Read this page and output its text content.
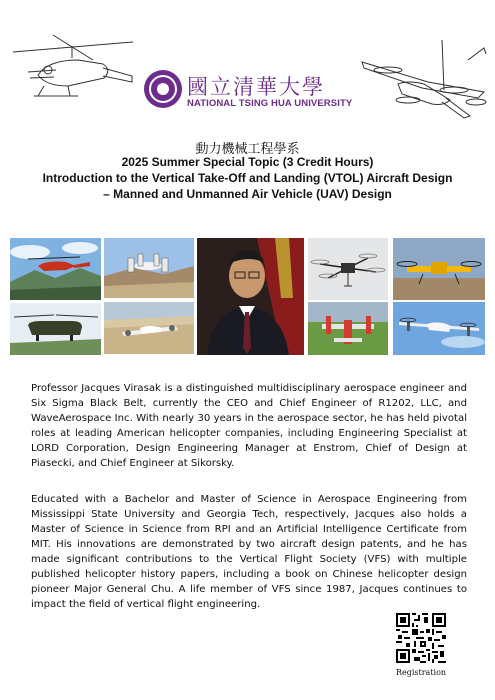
國立清華大學
NATIONAL TSING HUA UNIVERSITY
動力機械工程學系
2025 Summer Special Topic (3 Credit Hours)
Introduction to the Vertical Take-Off and Landing (VTOL) Aircraft Design
– Manned and Unmanned Air Vehicle (UAV) Design

Professor Jacques Virasak is a distinguished multidisciplinary aerospace engineer and Six Sigma Black Belt, currently the CEO and Chief Engineer of R1202, LLC, and WaveAerospace Inc. With nearly 30 years in the aerospace sector, he has held pivotal roles at leading American helicopter companies, including Engineering Specialist at LORD Corporation, Design Engineering Manager at Enstrom, Chief of Design at Piasecki, and Chief Engineer at Sikorsky.

Educated with a Bachelor and Master of Science in Aerospace Engineering from Mississippi State University and Georgia Tech, respectively, Jacques also holds a Master of Science in Science from RPI and an Artificial Intelligence Certificate from MIT. His innovations are demonstrated by two aircraft design patents, and he has made significant contributions to the Vertical Flight Society (VFS) with multiple published helicopter history papers, including a book on Chinese helicopter design pioneer Major General Chu. A life member of VFS since 1987, Jacques continues to impact the field of vertical flight engineering.

Registration
